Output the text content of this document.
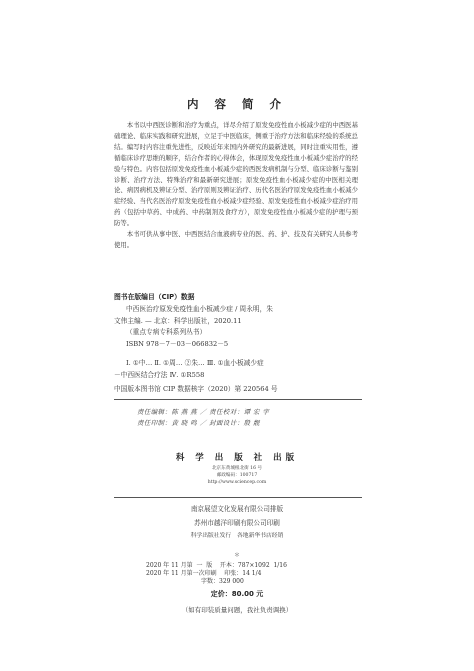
内 容 简 介

本书以中西医诊断和治疗为重点，详尽介绍了原发免疫性血小板减少症的中西医基础理论、临床实践和研究进展，立足于中医临床，侧重于治疗方法和临床经验的系统总结。编写时内容注重先进性，反映近年来国内外研究的最新进展，同时注重实用性，遵循临床诊疗思维的顺序，结合作者的心得体会，体现原发免疫性血小板减少症治疗的经验与特色。内容包括原发免疫性血小板减少症的西医发病机制与分型、临床诊断与鉴别诊断、治疗方法、特殊治疗和最新研究进展；原发免疫性血小板减少症的中医相关理论、病因病机及辨证分型、治疗原则及辨证治疗、历代名医治疗原发免疫性血小板减少症经验、当代名医治疗原发免疫性血小板减少症经验、原发免疫性血小板减少症治疗用药（包括中草药、中成药、中药制剂及食疗方），原发免疫性血小板减少症的护理与预防等。

本书可供从事中医、中西医结合血液病专业的医、药、护、技及有关研究人员参考使用。

图书在版编目（CIP）数据
中西医治疗原发免疫性血小板减少症 / 周永明，朱
文伟主编. — 北京：科学出版社，2020.11
（重点专病专科系列丛书）
ISBN 978－7－03－066832－5
Ⅰ. ①中… Ⅱ. ①周… ②朱… Ⅲ. ①血小板减少症
－中西医结合疗法 Ⅳ. ①R558
中国版本图书馆 CIP 数据核字（2020）第 220564 号
责任编辑：陈 燕 燕 ／ 责任校对：谭 宏 宇
责任印制：黄 晓 鸣 ／ 封面设计：殷 靓
科 学 出 版 社 出版
北京东黄城根北街 16 号
邮政编码：100717
http://www.sciencep.com
南京展望文化发展有限公司排版
苏州市越洋印刷有限公司印刷
科学出版社发行　各地新华书店经销
＊
2020 年 11 月第  一  版    开本：787×1092  1/16
2020 年 11 月第一次印刷    印张：14 1/4
字数：329 000
定价：80.00 元
（如有印装质量问题，我社负责调换）
